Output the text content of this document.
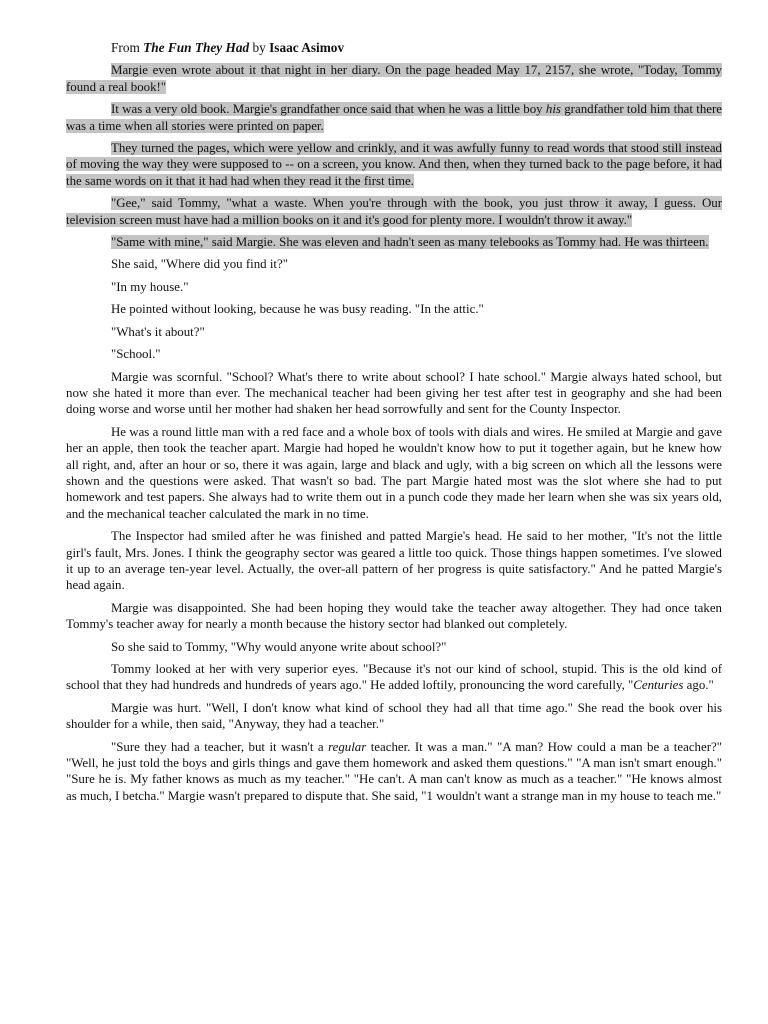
From The Fun They Had by Isaac Asimov

Margie even wrote about it that night in her diary. On the page headed May 17, 2157, she wrote, "Today, Tommy found a real book!"

It was a very old book. Margie's grandfather once said that when he was a little boy his grandfather told him that there was a time when all stories were printed on paper.

They turned the pages, which were yellow and crinkly, and it was awfully funny to read words that stood still instead of moving the way they were supposed to -- on a screen, you know. And then, when they turned back to the page before, it had the same words on it that it had had when they read it the first time.

"Gee," said Tommy, "what a waste. When you're through with the book, you just throw it away, I guess. Our television screen must have had a million books on it and it's good for plenty more. I wouldn't throw it away."

"Same with mine," said Margie. She was eleven and hadn't seen as many telebooks as Tommy had. He was thirteen.

She said, "Where did you find it?"

"In my house."

He pointed without looking, because he was busy reading. "In the attic."

"What's it about?"

"School."

Margie was scornful. "School? What's there to write about school? I hate school." Margie always hated school, but now she hated it more than ever. The mechanical teacher had been giving her test after test in geography and she had been doing worse and worse until her mother had shaken her head sorrowfully and sent for the County Inspector.

He was a round little man with a red face and a whole box of tools with dials and wires. He smiled at Margie and gave her an apple, then took the teacher apart. Margie had hoped he wouldn't know how to put it together again, but he knew how all right, and, after an hour or so, there it was again, large and black and ugly, with a big screen on which all the lessons were shown and the questions were asked. That wasn't so bad. The part Margie hated most was the slot where she had to put homework and test papers. She always had to write them out in a punch code they made her learn when she was six years old, and the mechanical teacher calculated the mark in no time.

The Inspector had smiled after he was finished and patted Margie's head. He said to her mother, "It's not the little girl's fault, Mrs. Jones. I think the geography sector was geared a little too quick. Those things happen sometimes. I've slowed it up to an average ten-year level. Actually, the over-all pattern of her progress is quite satisfactory." And he patted Margie's head again.

Margie was disappointed. She had been hoping they would take the teacher away altogether. They had once taken Tommy's teacher away for nearly a month because the history sector had blanked out completely.

So she said to Tommy, "Why would anyone write about school?"

Tommy looked at her with very superior eyes. "Because it's not our kind of school, stupid. This is the old kind of school that they had hundreds and hundreds of years ago." He added loftily, pronouncing the word carefully, "Centuries ago."

Margie was hurt. "Well, I don't know what kind of school they had all that time ago." She read the book over his shoulder for a while, then said, "Anyway, they had a teacher."

"Sure they had a teacher, but it wasn't a regular teacher. It was a man." "A man? How could a man be a teacher?" "Well, he just told the boys and girls things and gave them homework and asked them questions." "A man isn't smart enough." "Sure he is. My father knows as much as my teacher." "He can't. A man can't know as much as a teacher." "He knows almost as much, I betcha." Margie wasn't prepared to dispute that. She said, "1 wouldn't want a strange man in my house to teach me."
